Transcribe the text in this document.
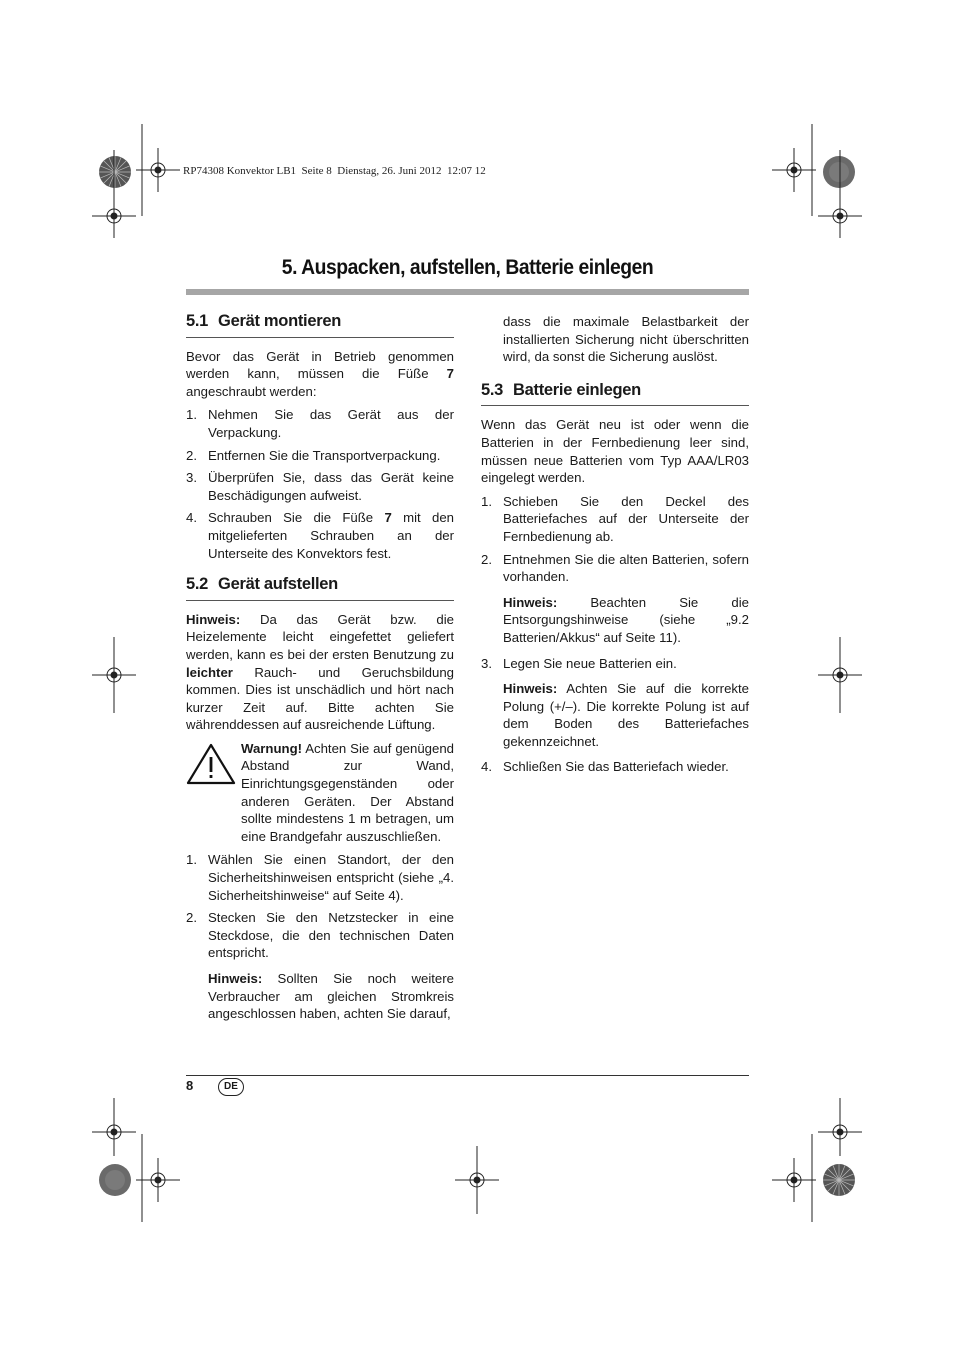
RP74308 Konvektor LB1  Seite 8  Dienstag, 26. Juni 2012  12:07 12
5. Auspacken, aufstellen, Batterie einlegen
5.1 Gerät montieren

Bevor das Gerät in Betrieb genommen werden kann, müssen die Füße 7 angeschraubt werden:

1. Nehmen Sie das Gerät aus der Verpackung.
2. Entfernen Sie die Transportverpackung.
3. Überprüfen Sie, dass das Gerät keine Beschädigungen aufweist.
4. Schrauben Sie die Füße 7 mit den mitgelieferten Schrauben an der Unterseite des Konvektors fest.
5.2 Gerät aufstellen

Hinweis: Da das Gerät bzw. die Heizelemente leicht eingefettet geliefert werden, kann es bei der ersten Benutzung zu leichter Rauch- und Geruchsbildung kommen. Dies ist unschädlich und hört nach kurzer Zeit auf. Bitte achten Sie währenddessen auf ausreichende Lüftung.

Warnung! Achten Sie auf genügend Abstand zur Wand, Einrichtungsgegenständen oder anderen Geräten. Der Abstand sollte mindestens 1 m betragen, um eine Brandgefahr auszuschließen.
1. Wählen Sie einen Standort, der den Sicherheitshinweisen entspricht (siehe „4. Sicherheitshinweise“ auf Seite 4).
2. Stecken Sie den Netzstecker in eine Steckdose, die den technischen Daten entspricht.
Hinweis: Sollten Sie noch weitere Verbraucher am gleichen Stromkreis angeschlossen haben, achten Sie darauf,
dass die maximale Belastbarkeit der installierten Sicherung nicht überschritten wird, da sonst die Sicherung auslöst.
5.3 Batterie einlegen

Wenn das Gerät neu ist oder wenn die Batterien in der Fernbedienung leer sind, müssen neue Batterien vom Typ AAA/LR03 eingelegt werden.

1. Schieben Sie den Deckel des Batteriefaches auf der Unterseite der Fernbedienung ab.
2. Entnehmen Sie die alten Batterien, sofern vorhanden.
Hinweis: Beachten Sie die Entsorgungshinweise (siehe „9.2 Batterien/Akkus“ auf Seite 11).
3. Legen Sie neue Batterien ein.
Hinweis: Achten Sie auf die korrekte Polung (+/–). Die korrekte Polung ist auf dem Boden des Batteriefaches gekennzeichnet.
4. Schließen Sie das Batteriefach wieder.
8	DE
